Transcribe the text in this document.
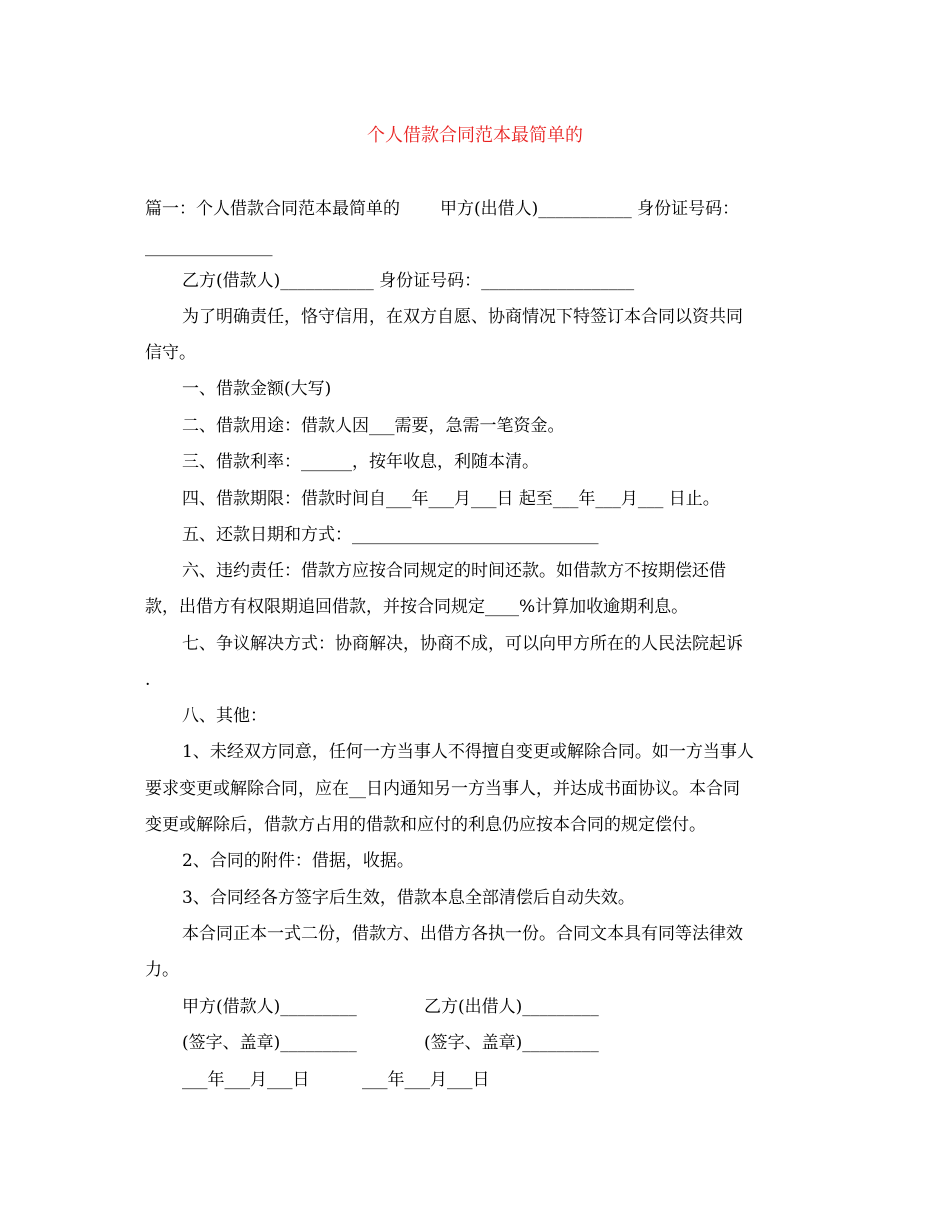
个人借款合同范本最简单的
篇一：个人借款合同范本最简单的 甲方(出借人)___________ 身份证号码：
_______________
乙方(借款人)___________ 身份证号码：__________________
为了明确责任，恪守信用，在双方自愿、协商情况下特签订本合同以资共同
信守。
一、借款金额(大写)
二、借款用途：借款人因___需要，急需一笔资金。
三、借款利率：______，按年收息，利随本清。
四、借款期限：借款时间自___年___月___日 起至___年___月___ 日止。
五、还款日期和方式：_____________________________
六、违约责任：借款方应按合同规定的时间还款。如借款方不按期偿还借
款，出借方有权限期追回借款，并按合同规定____%计算加收逾期利息。
七、争议解决方式：协商解决，协商不成，可以向甲方所在的人民法院起诉
.
八、其他：
1、未经双方同意，任何一方当事人不得擅自变更或解除合同。如一方当事人
要求变更或解除合同，应在__日内通知另一方当事人，并达成书面协议。本合同
变更或解除后，借款方占用的借款和应付的利息仍应按本合同的规定偿付。
2、合同的附件：借据，收据。
3、合同经各方签字后生效，借款本息全部清偿后自动失效。
本合同正本一式二份，借款方、出借方各执一份。合同文本具有同等法律效
力。
甲方(借款人)_________	乙方(出借人)_________
(签字、盖章)_________	(签字、盖章)_________
___年___月___日	___年___月___日
